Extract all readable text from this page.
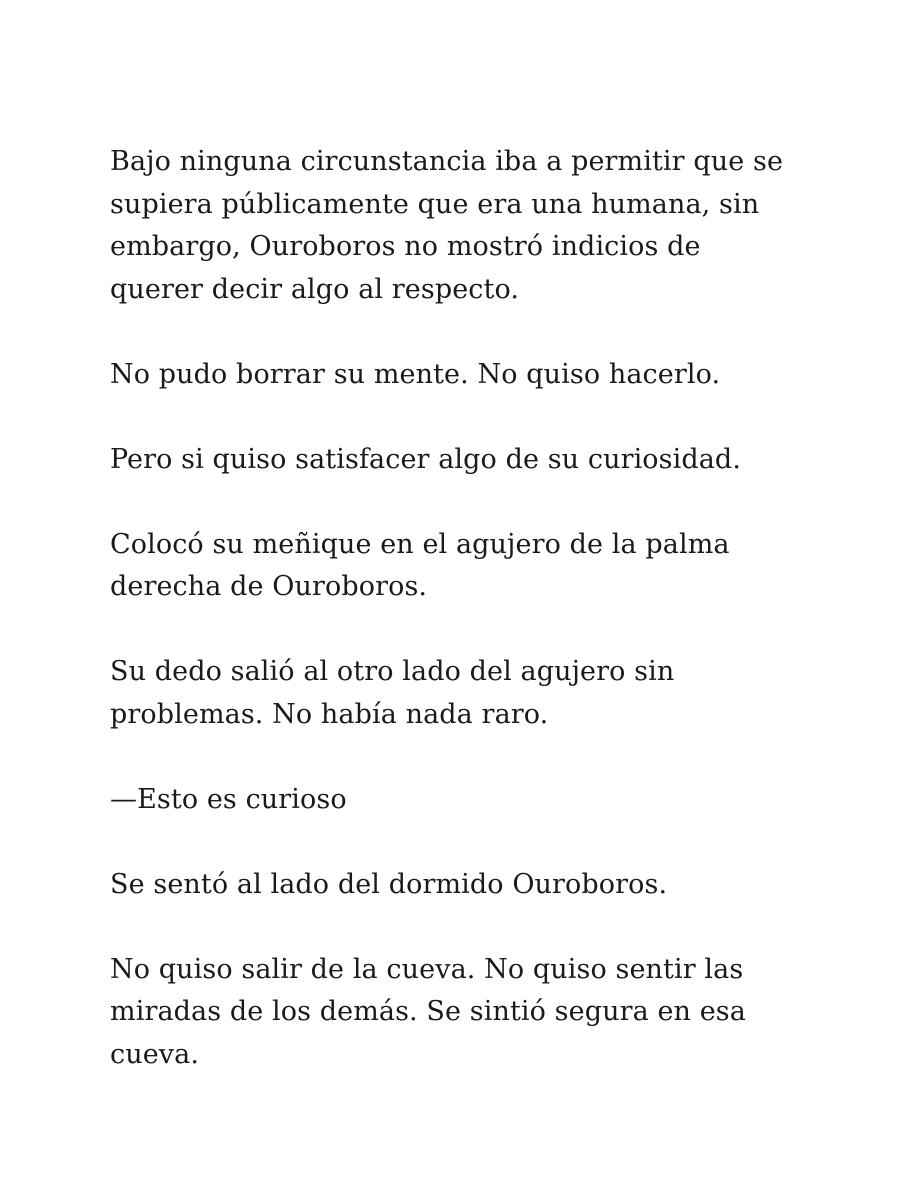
Bajo ninguna circunstancia iba a permitir que se
supiera públicamente que era una humana, sin
embargo, Ouroboros no mostró indicios de
querer decir algo al respecto.

No pudo borrar su mente. No quiso hacerlo.

Pero si quiso satisfacer algo de su curiosidad.

Colocó su meñique en el agujero de la palma
derecha de Ouroboros.

Su dedo salió al otro lado del agujero sin
problemas. No había nada raro.

—Esto es curioso

Se sentó al lado del dormido Ouroboros.

No quiso salir de la cueva. No quiso sentir las
miradas de los demás. Se sintió segura en esa
cueva.
